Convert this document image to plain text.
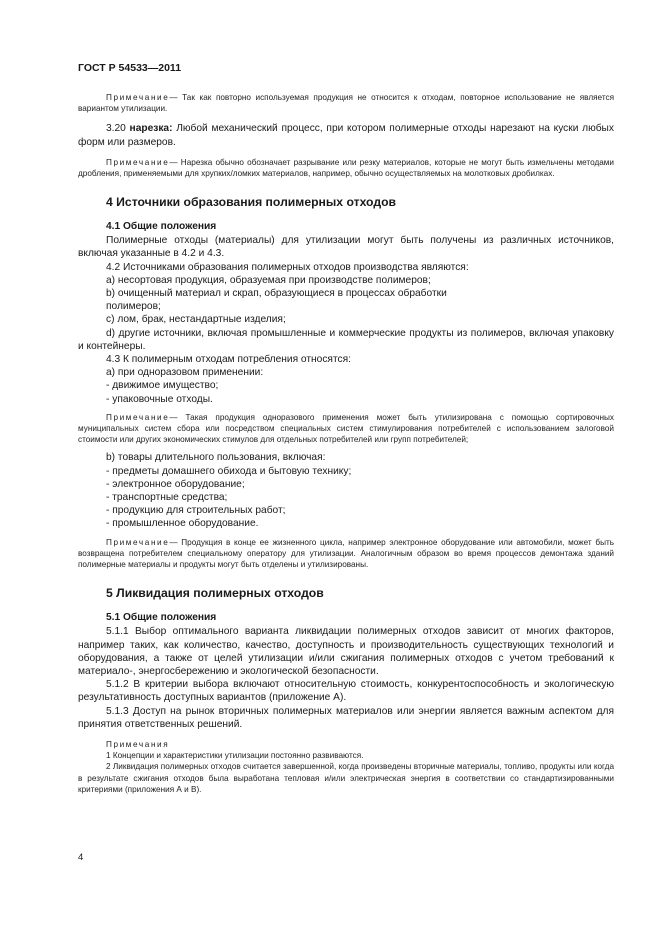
ГОСТ Р 54533—2011

Примечание— Так как повторно используемая продукция не относится к отходам, повторное использование не является вариантом утилизации.

3.20 нарезка: Любой механический процесс, при котором полимерные отходы нарезают на куски любых форм или размеров.

Примечание— Нарезка обычно обозначает разрывание или резку материалов, которые не могут быть измельчены методами дробления, применяемыми для хрупких/ломких материалов, например, обычно осуществляемых на молотковых дробилках.

4 Источники образования полимерных отходов
4.1 Общие положения

Полимерные отходы (материалы) для утилизации могут быть получены из различных источников, включая указанные в 4.2 и 4.3.

4.2 Источниками образования полимерных отходов производства являются:

а) несортовая продукция, образуемая при производстве полимеров;

b) очищенный материал и скрап, образующиеся в процессах обработки

полимеров;

c) лом, брак, нестандартные изделия;

d) другие источники, включая промышленные и коммерческие продукты из полимеров, включая упаковку и контейнеры.

4.3 К полимерным отходам потребления относятся:

а) при одноразовом применении:

- движимое имущество;

- упаковочные отходы.

Примечание— Такая продукция одноразового применения может быть утилизирована с помощью сортировочных муниципальных систем сбора или посредством специальных систем стимулирования потребителей с использованием залоговой стоимости или других экономических стимулов для отдельных потребителей или групп потребителей;

b) товары длительного пользования, включая:

- предметы домашнего обихода и бытовую технику;

- электронное оборудование;

- транспортные средства;

- продукцию для строительных работ;

- промышленное оборудование.

Примечание— Продукция в конце ее жизненного цикла, например электронное оборудование или автомобили, может быть возвращена потребителем специальному оператору для утилизации. Аналогичным образом во время процессов демонтажа зданий полимерные материалы и продукты могут быть отделены и утилизированы.

5 Ликвидация полимерных отходов
5.1 Общие положения

5.1.1 Выбор оптимального варианта ликвидации полимерных отходов зависит от многих факторов, например таких, как количество, качество, доступность и производительность существующих технологий и оборудования, а также от целей утилизации и/или сжигания полимерных отходов с учетом требований к материало-, энергосбережению и экологической безопасности.

5.1.2 В критерии выбора включают относительную стоимость, конкурентоспособность и экологическую результативность доступных вариантов (приложение А).

5.1.3 Доступ на рынок вторичных полимерных материалов или энергии является важным аспектом для принятия ответственных решений.

Примечания

1 Концепции и характеристики утилизации постоянно развиваются.

2 Ликвидация полимерных отходов считается завершенной, когда произведены вторичные материалы, топливо, продукты или когда в результате сжигания отходов была выработана тепловая и/или электрическая энергия в соответствии со стандартизированными критериями (приложения А и В).

4
